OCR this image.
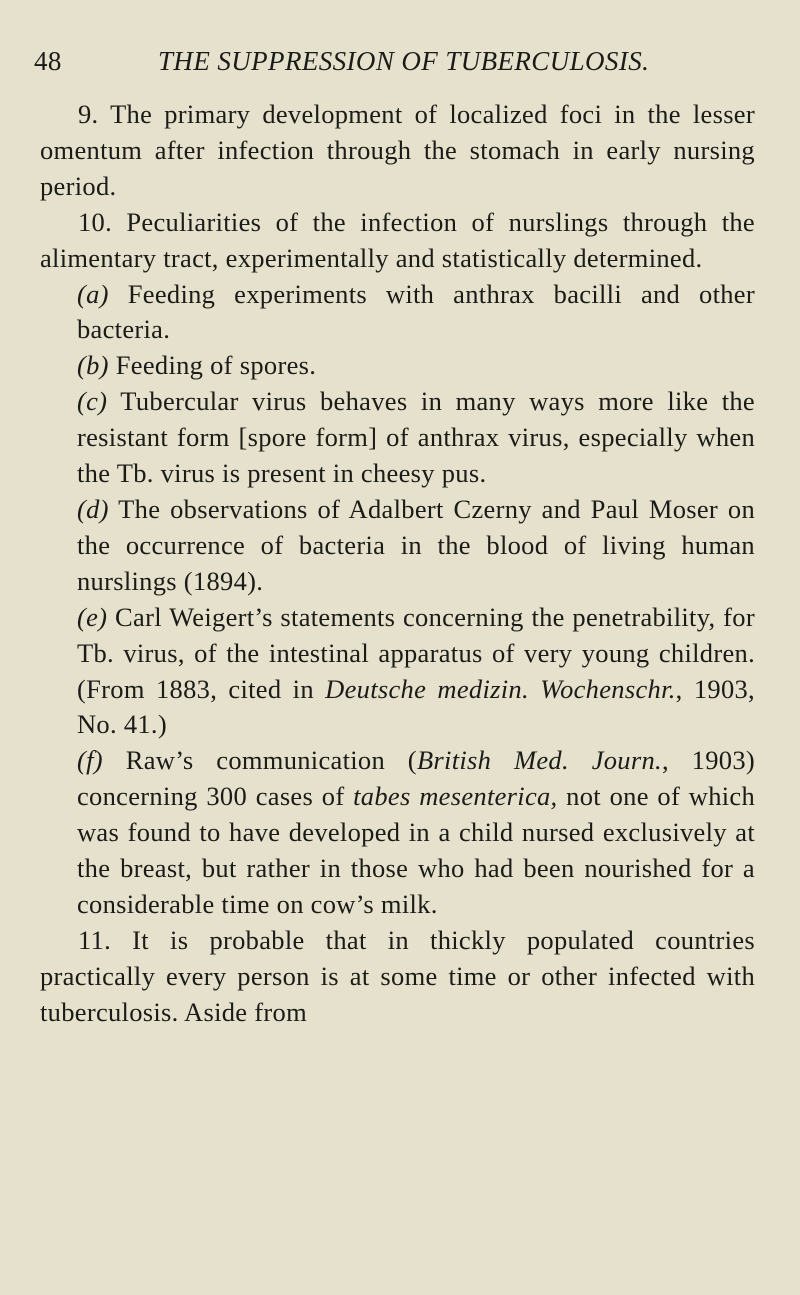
48	THE SUPPRESSION OF TUBERCULOSIS.

9. The primary development of localized foci in the lesser omentum after infection through the stomach in early nursing period.

10. Peculiarities of the infection of nurslings through the alimentary tract, experimentally and statistically determined.

(a) Feeding experiments with anthrax bacilli and other bacteria.

(b) Feeding of spores.

(c) Tubercular virus behaves in many ways more like the resistant form [spore form] of anthrax virus, especially when the Tb. virus is present in cheesy pus.

(d) The observations of Adalbert Czerny and Paul Moser on the occurrence of bacteria in the blood of living human nurslings (1894).

(e) Carl Weigert’s statements concerning the penetrability, for Tb. virus, of the intestinal apparatus of very young children. (From 1883, cited in Deutsche medizin. Wochenschr., 1903, No. 41.)

(f) Raw’s communication (British Med. Journ., 1903) concerning 300 cases of tabes mesenterica, not one of which was found to have developed in a child nursed exclusively at the breast, but rather in those who had been nourished for a considerable time on cow’s milk.

11. It is probable that in thickly populated countries practically every person is at some time or other infected with tuberculosis. Aside from
